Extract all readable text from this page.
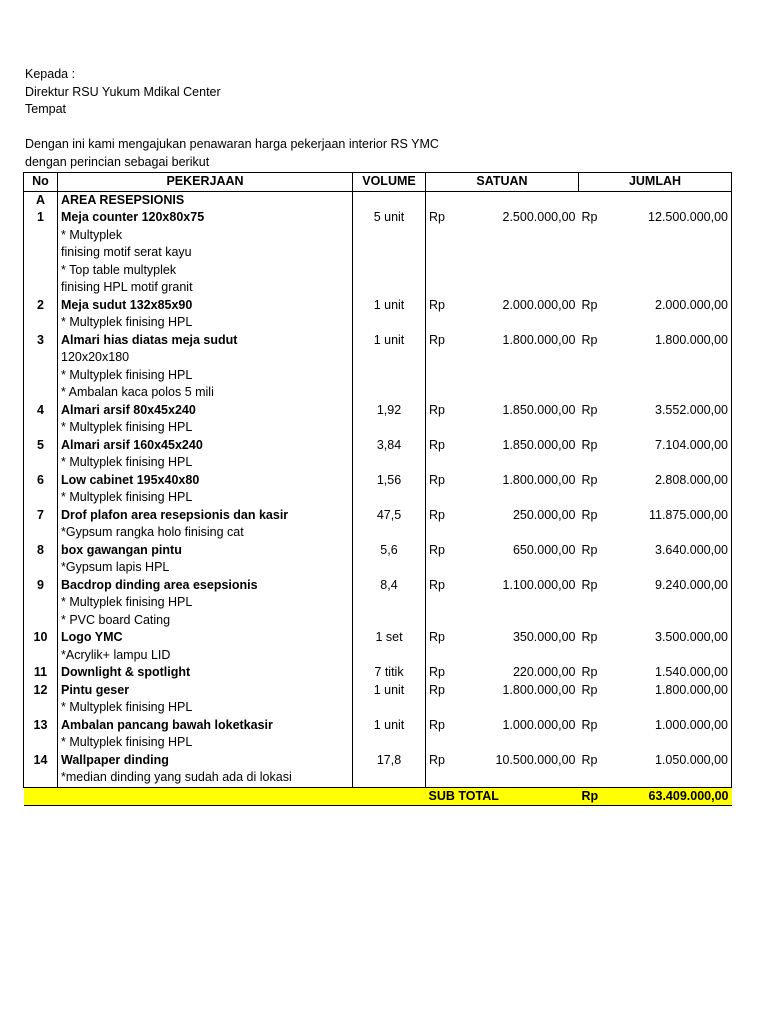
Kepada :
Direktur RSU Yukum Mdikal Center
Tempat
Dengan ini kami mengajukan penawaran harga pekerjaan interior RS YMC
dengan perincian sebagai berikut
No	PEKERJAAN	VOLUME	SATUAN	JUMLAH
A	AREA RESEPSIONIS			
1	Meja counter 120x80x75	5 unit	Rp 2.500.000,00	Rp 12.500.000,00
	* Multyplek			
	finising motif serat kayu			
	* Top table multyplek			
	finising HPL motif granit			
2	Meja sudut 132x85x90	1 unit	Rp 2.000.000,00	Rp 2.000.000,00
	* Multyplek finising HPL			
3	Almari hias diatas meja sudut	1 unit	Rp 1.800.000,00	Rp 1.800.000,00
	120x20x180			
	* Multyplek finising HPL			
	* Ambalan kaca polos 5 mili			
4	Almari arsif 80x45x240	1,92	Rp 1.850.000,00	Rp 3.552.000,00
	* Multyplek finising HPL			
5	Almari arsif 160x45x240	3,84	Rp 1.850.000,00	Rp 7.104.000,00
	* Multyplek finising HPL			
6	Low cabinet 195x40x80	1,56	Rp 1.800.000,00	Rp 2.808.000,00
	* Multyplek finising HPL			
7	Drof plafon area resepsionis dan kasir	47,5	Rp 250.000,00	Rp 11.875.000,00
	*Gypsum rangka holo finising cat			
8	box gawangan pintu	5,6	Rp 650.000,00	Rp 3.640.000,00
	*Gypsum lapis HPL			
9	Bacdrop dinding area esepsionis	8,4	Rp 1.100.000,00	Rp 9.240.000,00
	* Multyplek finising HPL			
	* PVC board Cating			
10	Logo YMC	1 set	Rp 350.000,00	Rp 3.500.000,00
	*Acrylik+ lampu LID			
11	Downlight & spotlight	7 titik	Rp 220.000,00	Rp 1.540.000,00
12	Pintu geser	1 unit	Rp 1.800.000,00	Rp 1.800.000,00
	* Multyplek finising HPL			
13	Ambalan pancang bawah loketkasir	1 unit	Rp 1.000.000,00	Rp 1.000.000,00
	* Multyplek finising HPL			
14	Wallpaper dinding	17,8	Rp 10.500.000,00	Rp 1.050.000,00
	*median dinding yang sudah ada di lokasi			
			SUB TOTAL	Rp 63.409.000,00
